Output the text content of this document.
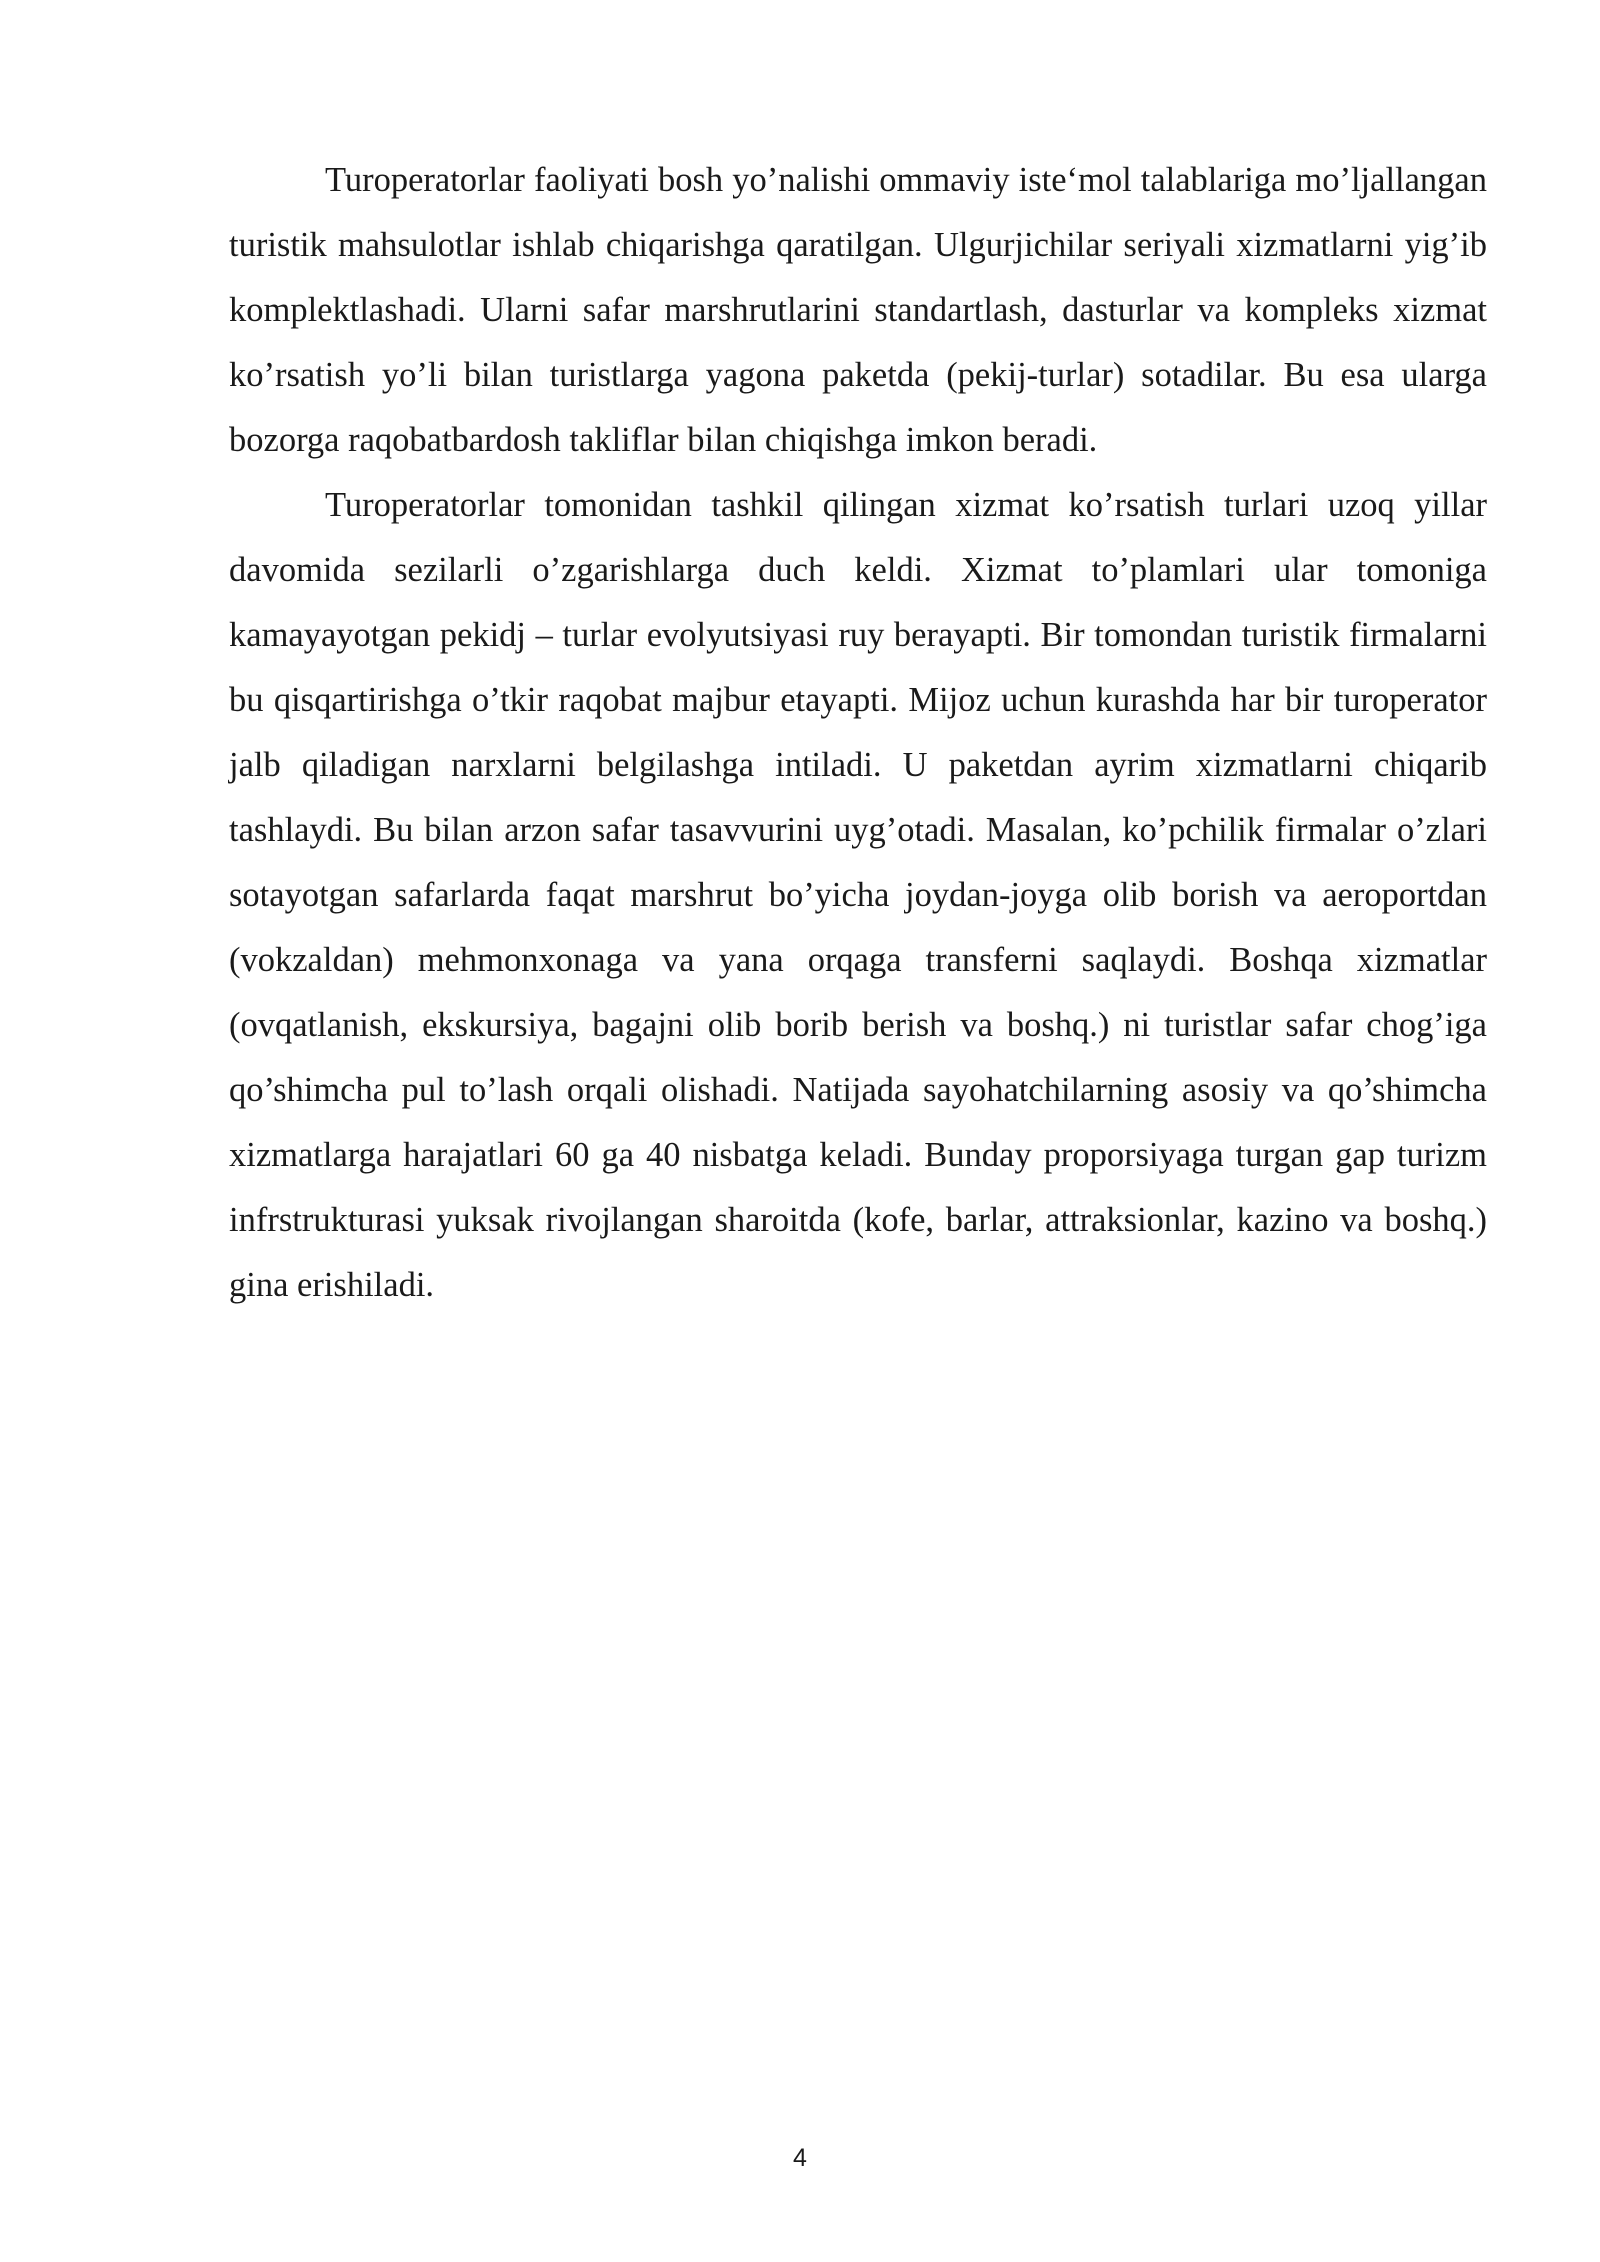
Turoperatorlar faoliyati bosh yo’nalishi ommaviy iste‘mol talablariga mo’ljallangan turistik mahsulotlar ishlab chiqarishga qaratilgan. Ulgurjichilar seriyali xizmatlarni yig’ib komplektlashadi. Ularni safar marshrutlarini standartlash, dasturlar va kompleks xizmat ko’rsatish yo’li bilan turistlarga yagona paketda (pekij-turlar) sotadilar. Bu esa ularga bozorga raqobatbardosh takliflar bilan chiqishga imkon beradi.

Turoperatorlar tomonidan tashkil qilingan xizmat ko’rsatish turlari uzoq yillar davomida sezilarli o’zgarishlarga duch keldi. Xizmat to’plamlari ular tomoniga kamayayotgan pekidj – turlar evolyutsiyasi ruy berayapti. Bir tomondan turistik firmalarni bu qisqartirishga o’tkir raqobat majbur etayapti. Mijoz uchun kurashda har bir turoperator jalb qiladigan narxlarni belgilashga intiladi. U paketdan ayrim xizmatlarni chiqarib tashlaydi. Bu bilan arzon safar tasavvurini uyg’otadi. Masalan, ko’pchilik firmalar o’zlari sotayotgan safarlarda faqat marshrut bo’yicha joydan-joyga olib borish va aeroportdan (vokzaldan) mehmonxonaga va yana orqaga transferni saqlaydi. Boshqa xizmatlar (ovqatlanish, ekskursiya, bagajni olib borib berish va boshq.) ni turistlar safar chog’iga qo’shimcha pul to’lash orqali olishadi. Natijada sayohatchilarning asosiy va qo’shimcha xizmatlarga harajatlari 60 ga 40 nisbatga keladi. Bunday proporsiyaga turgan gap turizm infrstrukturasi yuksak rivojlangan sharoitda (kofe, barlar, attraksionlar, kazino va boshq.) gina erishiladi.

4
